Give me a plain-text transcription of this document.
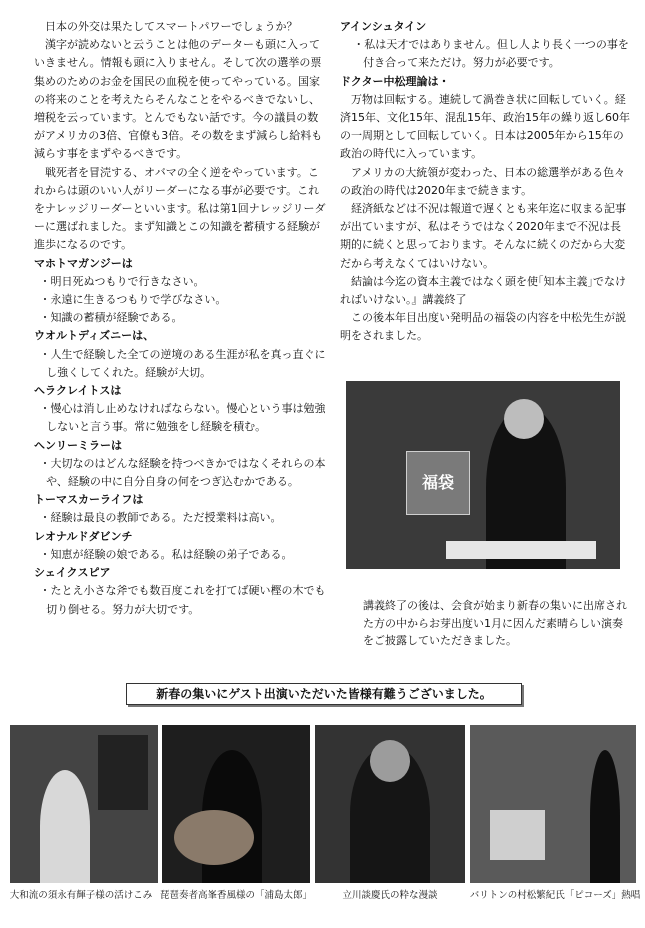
日本の外交は果たしてスマートパワーでしょうか？

漢字が読めないと云うことは他のデーターも頭に入っていきません。情報も頭に入りません。そして次の選挙の票集めのためのお金を国民の血税を使ってやっている。国家の将来のことを考えたらそんなことをやるべきでないし、増税を云っています。とんでもない話です。今の議員の数がアメリカの3倍、官僚も3倍。その数をまず減らし給料も減らす事をまずやるべきです。

戦死者を冒涜する、オバマの全く逆をやっています。これからは頭のいい人がリーダーになる事が必要です。これをナレッジリーダーといいます。私は第1回ナレッジリーダーに選ばれました。まず知識とこの知識を蓄積する経験が進歩になるのです。

マホトマガンジーは

・明日死ぬつもりで行きなさい。

・永遠に生きるつもりで学びなさい。

・知識の蓄積が経験である。

ウオルトディズニーは、

・人生で経験した全ての逆境のある生涯が私を真っ直ぐにし強くしてくれた。経験が大切。

ヘラクレイトスは

・慢心は消し止めなければならない。慢心という事は勉強しないと言う事。常に勉強をし経験を積む。

ヘンリーミラーは

・大切なのはどんな経験を持つべきかではなくそれらの本や、経験の中に自分自身の何をつぎ込むかである。

トーマスカーライフは

・経験は最良の教師である。ただ授業料は高い。

レオナルドダビンチ

・知恵が経験の娘である。私は経験の弟子である。

シェイクスピア

・たとえ小さな斧でも数百度これを打てば硬い樫の木でも切り倒せる。努力が大切です。

アインシュタイン

・私は天才ではありません。但し人より長く一つの事を付き合って来ただけ。努力が必要です。

ドクター中松理論は・

万物は回転する。連続して渦巻き状に回転していく。経済15年、文化15年、混乱15年、政治15年の繰り返し60年の一周期として回転していく。日本は2005年から15年の政治の時代に入っています。

アメリカの大統領が変わった、日本の総選挙がある色々の政治の時代は2020年まで続きます。

経済紙などは不況は報道で遅くとも来年迄に収まる記事が出ていますが、私はそうではなく2020年まで不況は長期的に続くと思っております。そんなに続くのだから大変だから考えなくてはいけない。

結論は今迄の資本主義ではなく頭を使｢知本主義｣でなければいけない。』講義終了

この後本年目出度い発明品の福袋の内容を中松先生が説明をされました。

福袋

講義終了の後は、会食が始まり新春の集いに出席された方の中からお芽出度い1月に因んだ素晴らしい演奏をご披露していただきました。

新春の集いにゲスト出演いただいた皆様有難うございました。
大和流の須永有輝子様の活けこみ 琵琶奏者高峯香風様の「浦島太郎」	立川談慶氏の粋な漫談	バリトンの村松繁紀氏「ピコーズ」熱唱
